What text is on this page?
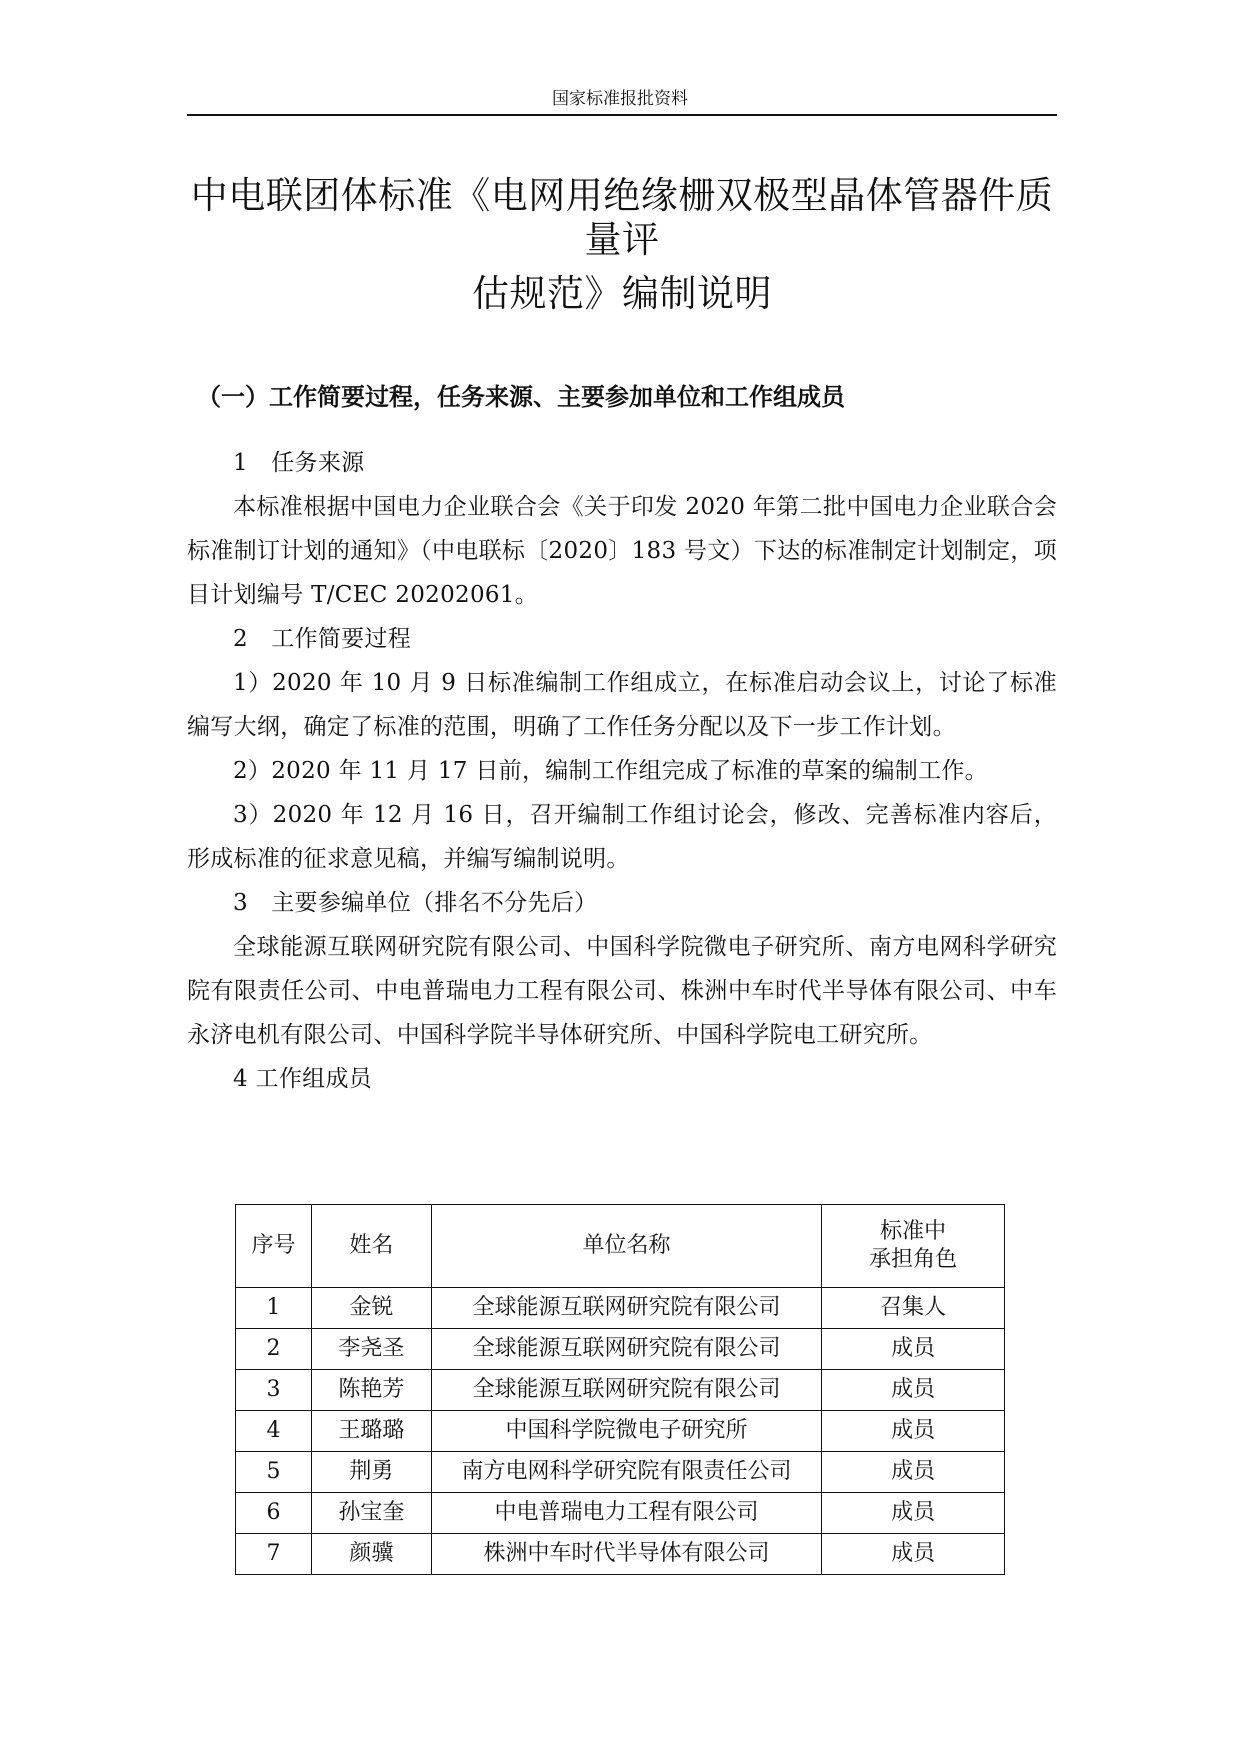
国家标准报批资料
中电联团体标准《电网用绝缘栅双极型晶体管器件质量评
估规范》编制说明
（一）工作简要过程，任务来源、主要参加单位和工作组成员

1　任务来源

本标准根据中国电力企业联合会《关于印发 2020 年第二批中国电力企业联合会标准制订计划的通知》（中电联标〔2020〕183 号文）下达的标准制定计划制定，项目计划编号 T/CEC 20202061。

2　工作简要过程

1）2020 年 10 月 9 日标准编制工作组成立，在标准启动会议上，讨论了标准编写大纲，确定了标准的范围，明确了工作任务分配以及下一步工作计划。

2）2020 年 11 月 17 日前，编制工作组完成了标准的草案的编制工作。

3）2020 年 12 月 16 日，召开编制工作组讨论会，修改、完善标准内容后，形成标准的征求意见稿，并编写编制说明。

3　主要参编单位（排名不分先后）

全球能源互联网研究院有限公司、中国科学院微电子研究所、南方电网科学研究院有限责任公司、中电普瑞电力工程有限公司、株洲中车时代半导体有限公司、中车永济电机有限公司、中国科学院半导体研究所、中国科学院电工研究所。

4 工作组成员

序号	姓名	单位名称	标准中
承担角色
1	金锐	全球能源互联网研究院有限公司	召集人
2	李尧圣	全球能源互联网研究院有限公司	成员
3	陈艳芳	全球能源互联网研究院有限公司	成员
4	王璐璐	中国科学院微电子研究所	成员
5	荆勇	南方电网科学研究院有限责任公司	成员
6	孙宝奎	中电普瑞电力工程有限公司	成员
7	颜骥	株洲中车时代半导体有限公司	成员
